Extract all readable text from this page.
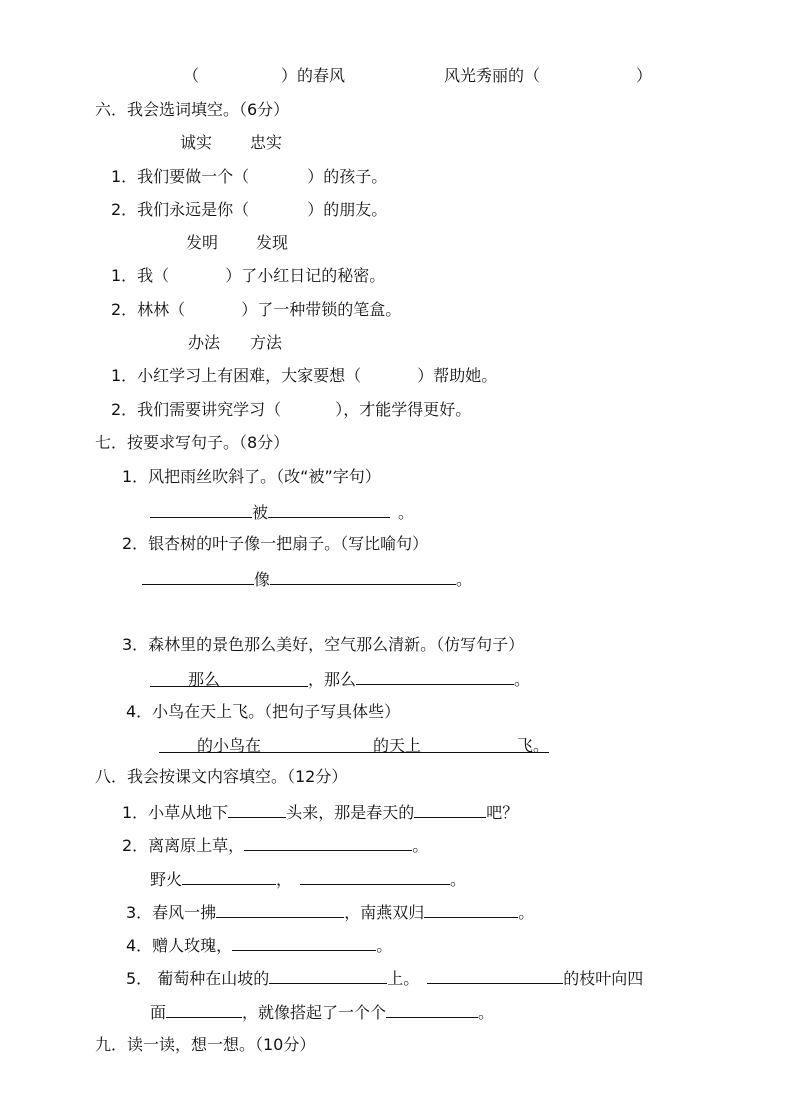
（	）的春风	风光秀丽的（	）
六．我会选词填空。（6分）
诚实 忠实
1．我们要做一个（	）的孩子。
2．我们永远是你（	）的朋友。
发明 发现
1．我（	）了小红日记的秘密。
2．林林（	）了一种带锁的笔盒。
办法 方法
1．小红学习上有困难，大家要想（	）帮助她。
2．我们需要讲究学习（	），才能学得更好。
七．按要求写句子。（8分）
1．风把雨丝吹斜了。（改“被”字句）
被	。
2．银杏树的叶子像一把扇子。（写比喻句）
像	。
3．森林里的景色那么美好，空气那么清新。（仿写句子）
那么	，那么	。
4．小鸟在天上飞。（把句子写具体些）
的小鸟在	的天上	飞。
八．我会按课文内容填空。（12分）
1．小草从地下	头来，那是春天的	吧？
2．离离原上草，	。
野火	，	。
3．春风一拂	，南燕双归	。
4．赠人玫瑰，	。
5． 葡萄种在山坡的	上。	的枝叶向四
面	，就像搭起了一个个	。
九．读一读，想一想。（10分）
